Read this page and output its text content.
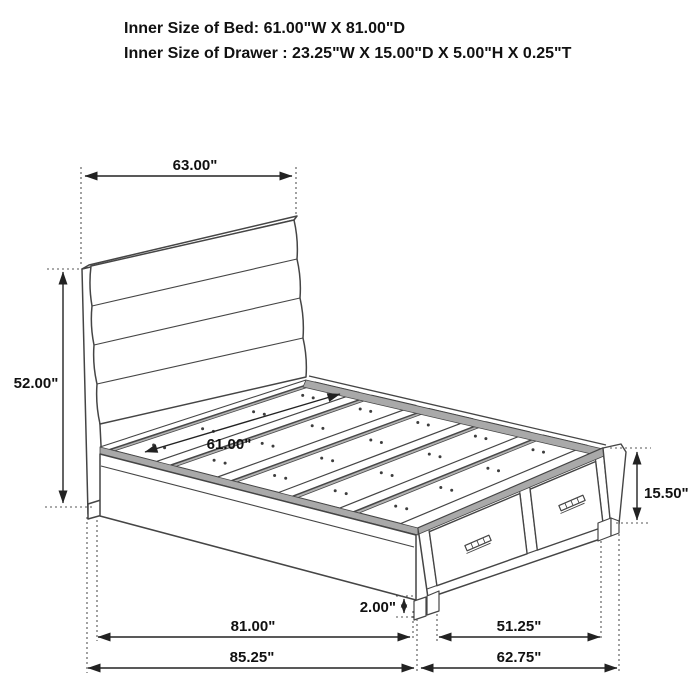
Inner Size of Bed: 61.00"W X 81.00"D
Inner Size of Drawer : 23.25"W X 15.00"D X 5.00"H X 0.25"T
63.00"
52.00"
61.00"
15.50"
2.00"
81.00"	51.25"
85.25"	62.75"
